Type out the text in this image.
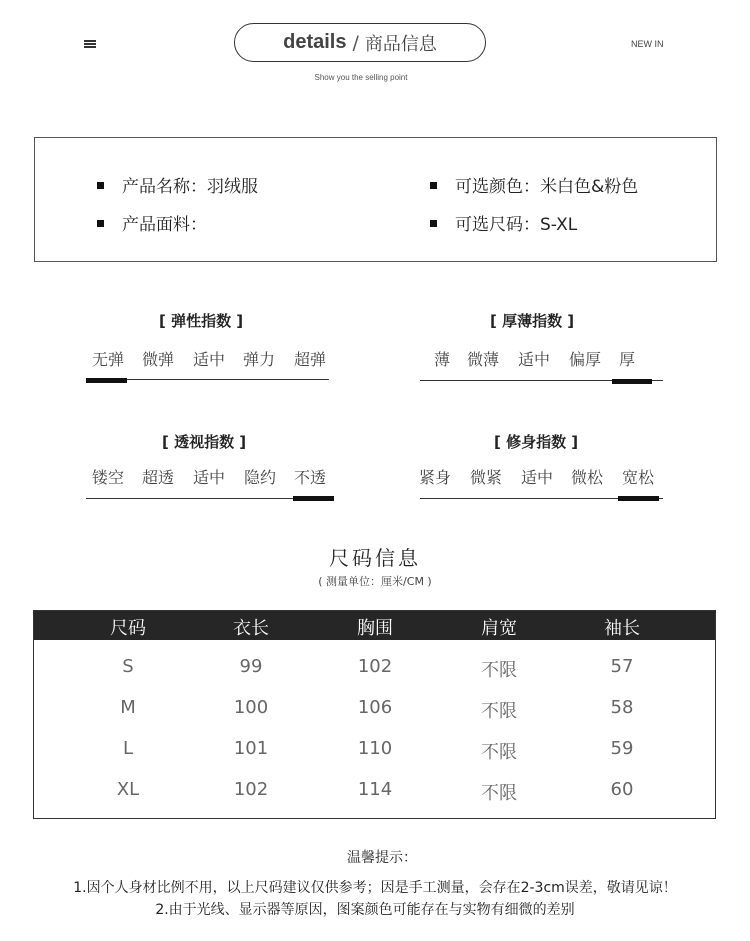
details / 商品信息	NEW IN
Show you the selling point
产品名称：羽绒服
产品面料：
可选颜色：米白色&粉色
可选尺码：S-XL
[ 弹性指数 ]
无弹 微弹 适中 弹力 超弹
[ 厚薄指数 ]
薄 微薄 适中 偏厚 厚
[ 透视指数 ]
镂空 超透 适中 隐约 不透
[ 修身指数 ]
紧身 微紧 适中 微松 宽松
尺码信息
( 测量单位：厘米/CM )
尺码	衣长	胸围	肩宽	袖长
S	99	102	不限	57
M	100	106	不限	58
L	101	110	不限	59
XL	102	114	不限	60
温馨提示：
1.因个人身材比例不用，以上尺码建议仅供参考；因是手工测量，会存在2-3cm误差，敬请见谅！
2.由于光线、显示器等原因，图案颜色可能存在与实物有细微的差别
